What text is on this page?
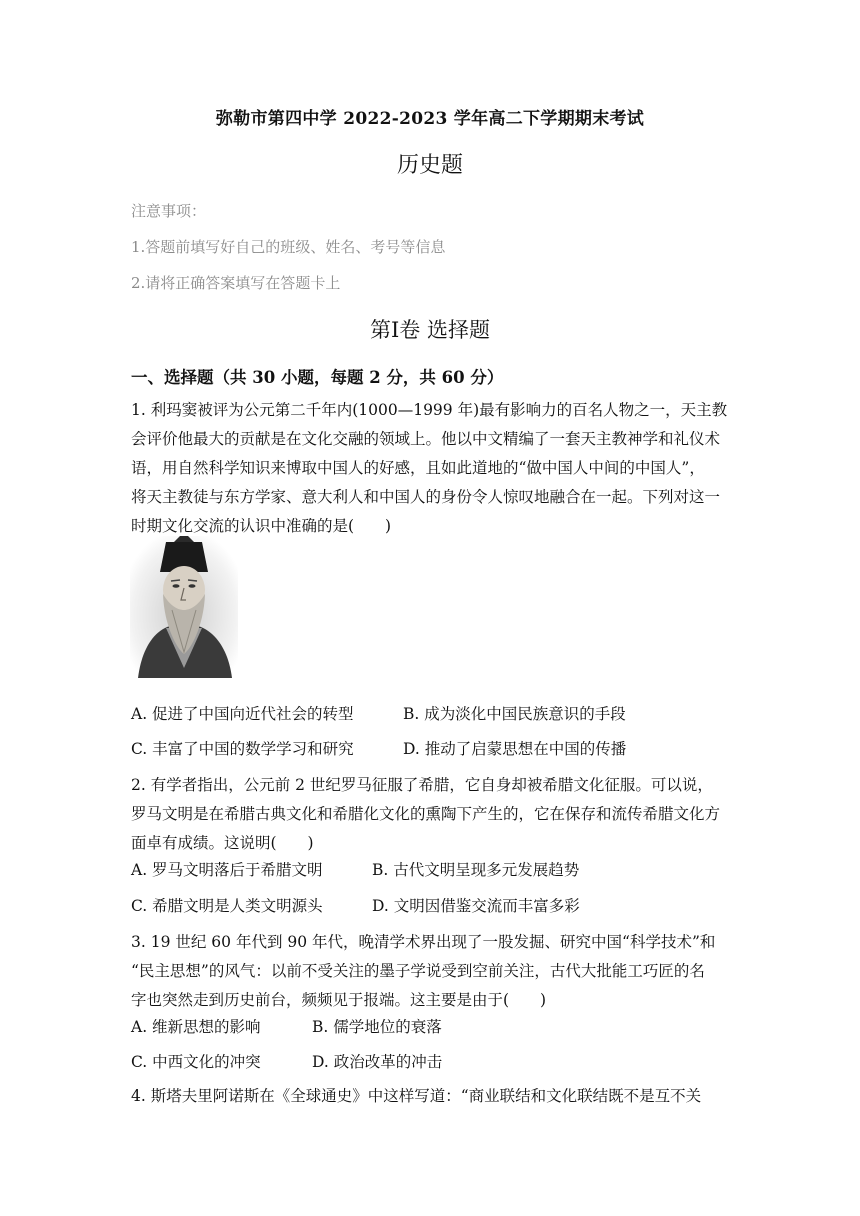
弥勒市第四中学 2022-2023 学年高二下学期期末考试
历史题
注意事项：
1.答题前填写好自己的班级、姓名、考号等信息
2.请将正确答案填写在答题卡上
第Ⅰ卷 选择题
一、选择题（共 30 小题，每题 2 分，共 60 分）
1. 利玛窦被评为公元第二千年内(1000—1999 年)最有影响力的百名人物之一，天主教
会评价他最大的贡献是在文化交融的领域上。他以中文精编了一套天主教神学和礼仪术
语，用自然科学知识来博取中国人的好感，且如此道地的“做中国人中间的中国人”，
将天主教徒与东方学家、意大利人和中国人的身份令人惊叹地融合在一起。下列对这一
时期文化交流的认识中准确的是(　　)
A. 促进了中国向近代社会的转型	B. 成为淡化中国民族意识的手段
C. 丰富了中国的数学学习和研究	D. 推动了启蒙思想在中国的传播
2. 有学者指出，公元前 2 世纪罗马征服了希腊，它自身却被希腊文化征服。可以说，
罗马文明是在希腊古典文化和希腊化文化的熏陶下产生的，它在保存和流传希腊文化方
面卓有成绩。这说明(　　)
A. 罗马文明落后于希腊文明	B. 古代文明呈现多元发展趋势
C. 希腊文明是人类文明源头	D. 文明因借鉴交流而丰富多彩
3. 19 世纪 60 年代到 90 年代，晚清学术界出现了一股发掘、研究中国“科学技术”和
“民主思想”的风气：以前不受关注的墨子学说受到空前关注，古代大批能工巧匠的名
字也突然走到历史前台，频频见于报端。这主要是由于(　　)
A. 维新思想的影响	B. 儒学地位的衰落
C. 中西文化的冲突	D. 政治改革的冲击
4. 斯塔夫里阿诺斯在《全球通史》中这样写道：“商业联结和文化联结既不是互不关
